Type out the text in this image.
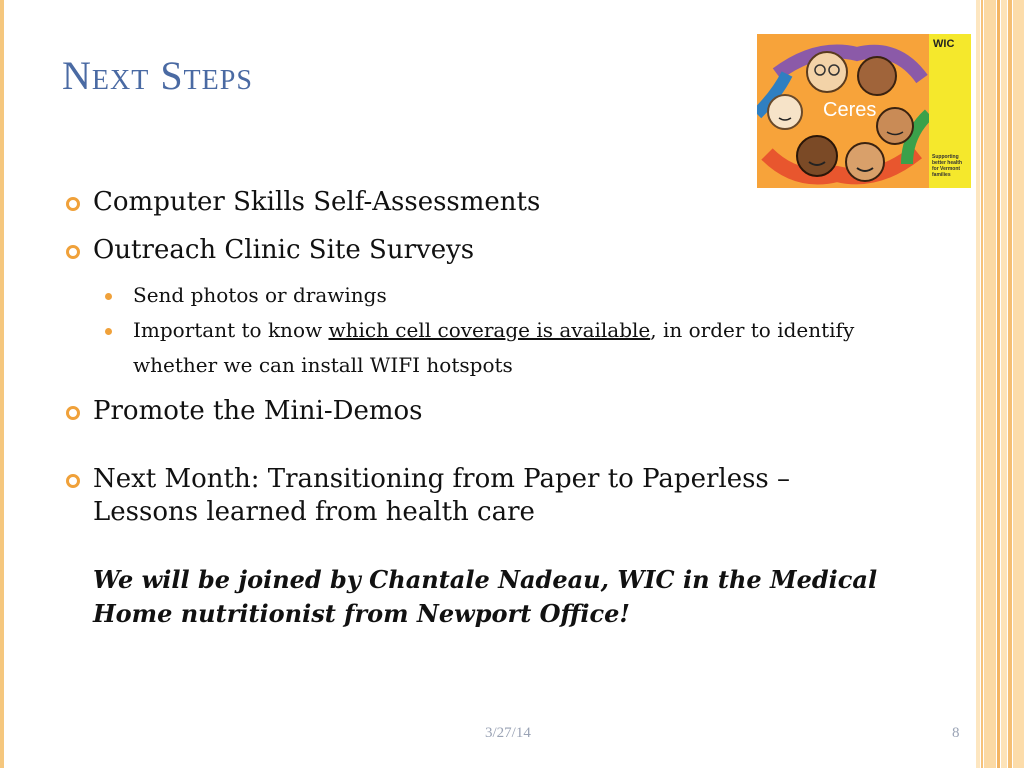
Next Steps
Ceres
WIC
Supporting better health for Vermont families
Computer Skills Self-Assessments
Outreach Clinic Site Surveys
Send photos or drawings
Important to know which cell coverage is available, in order to identify whether we can install WIFI hotspots
Promote the Mini-Demos
Next Month: Transitioning from Paper to Paperless –
Lessons learned from health care
We will be joined by Chantale Nadeau, WIC in the Medical Home nutritionist from Newport Office!
3/27/14	8
